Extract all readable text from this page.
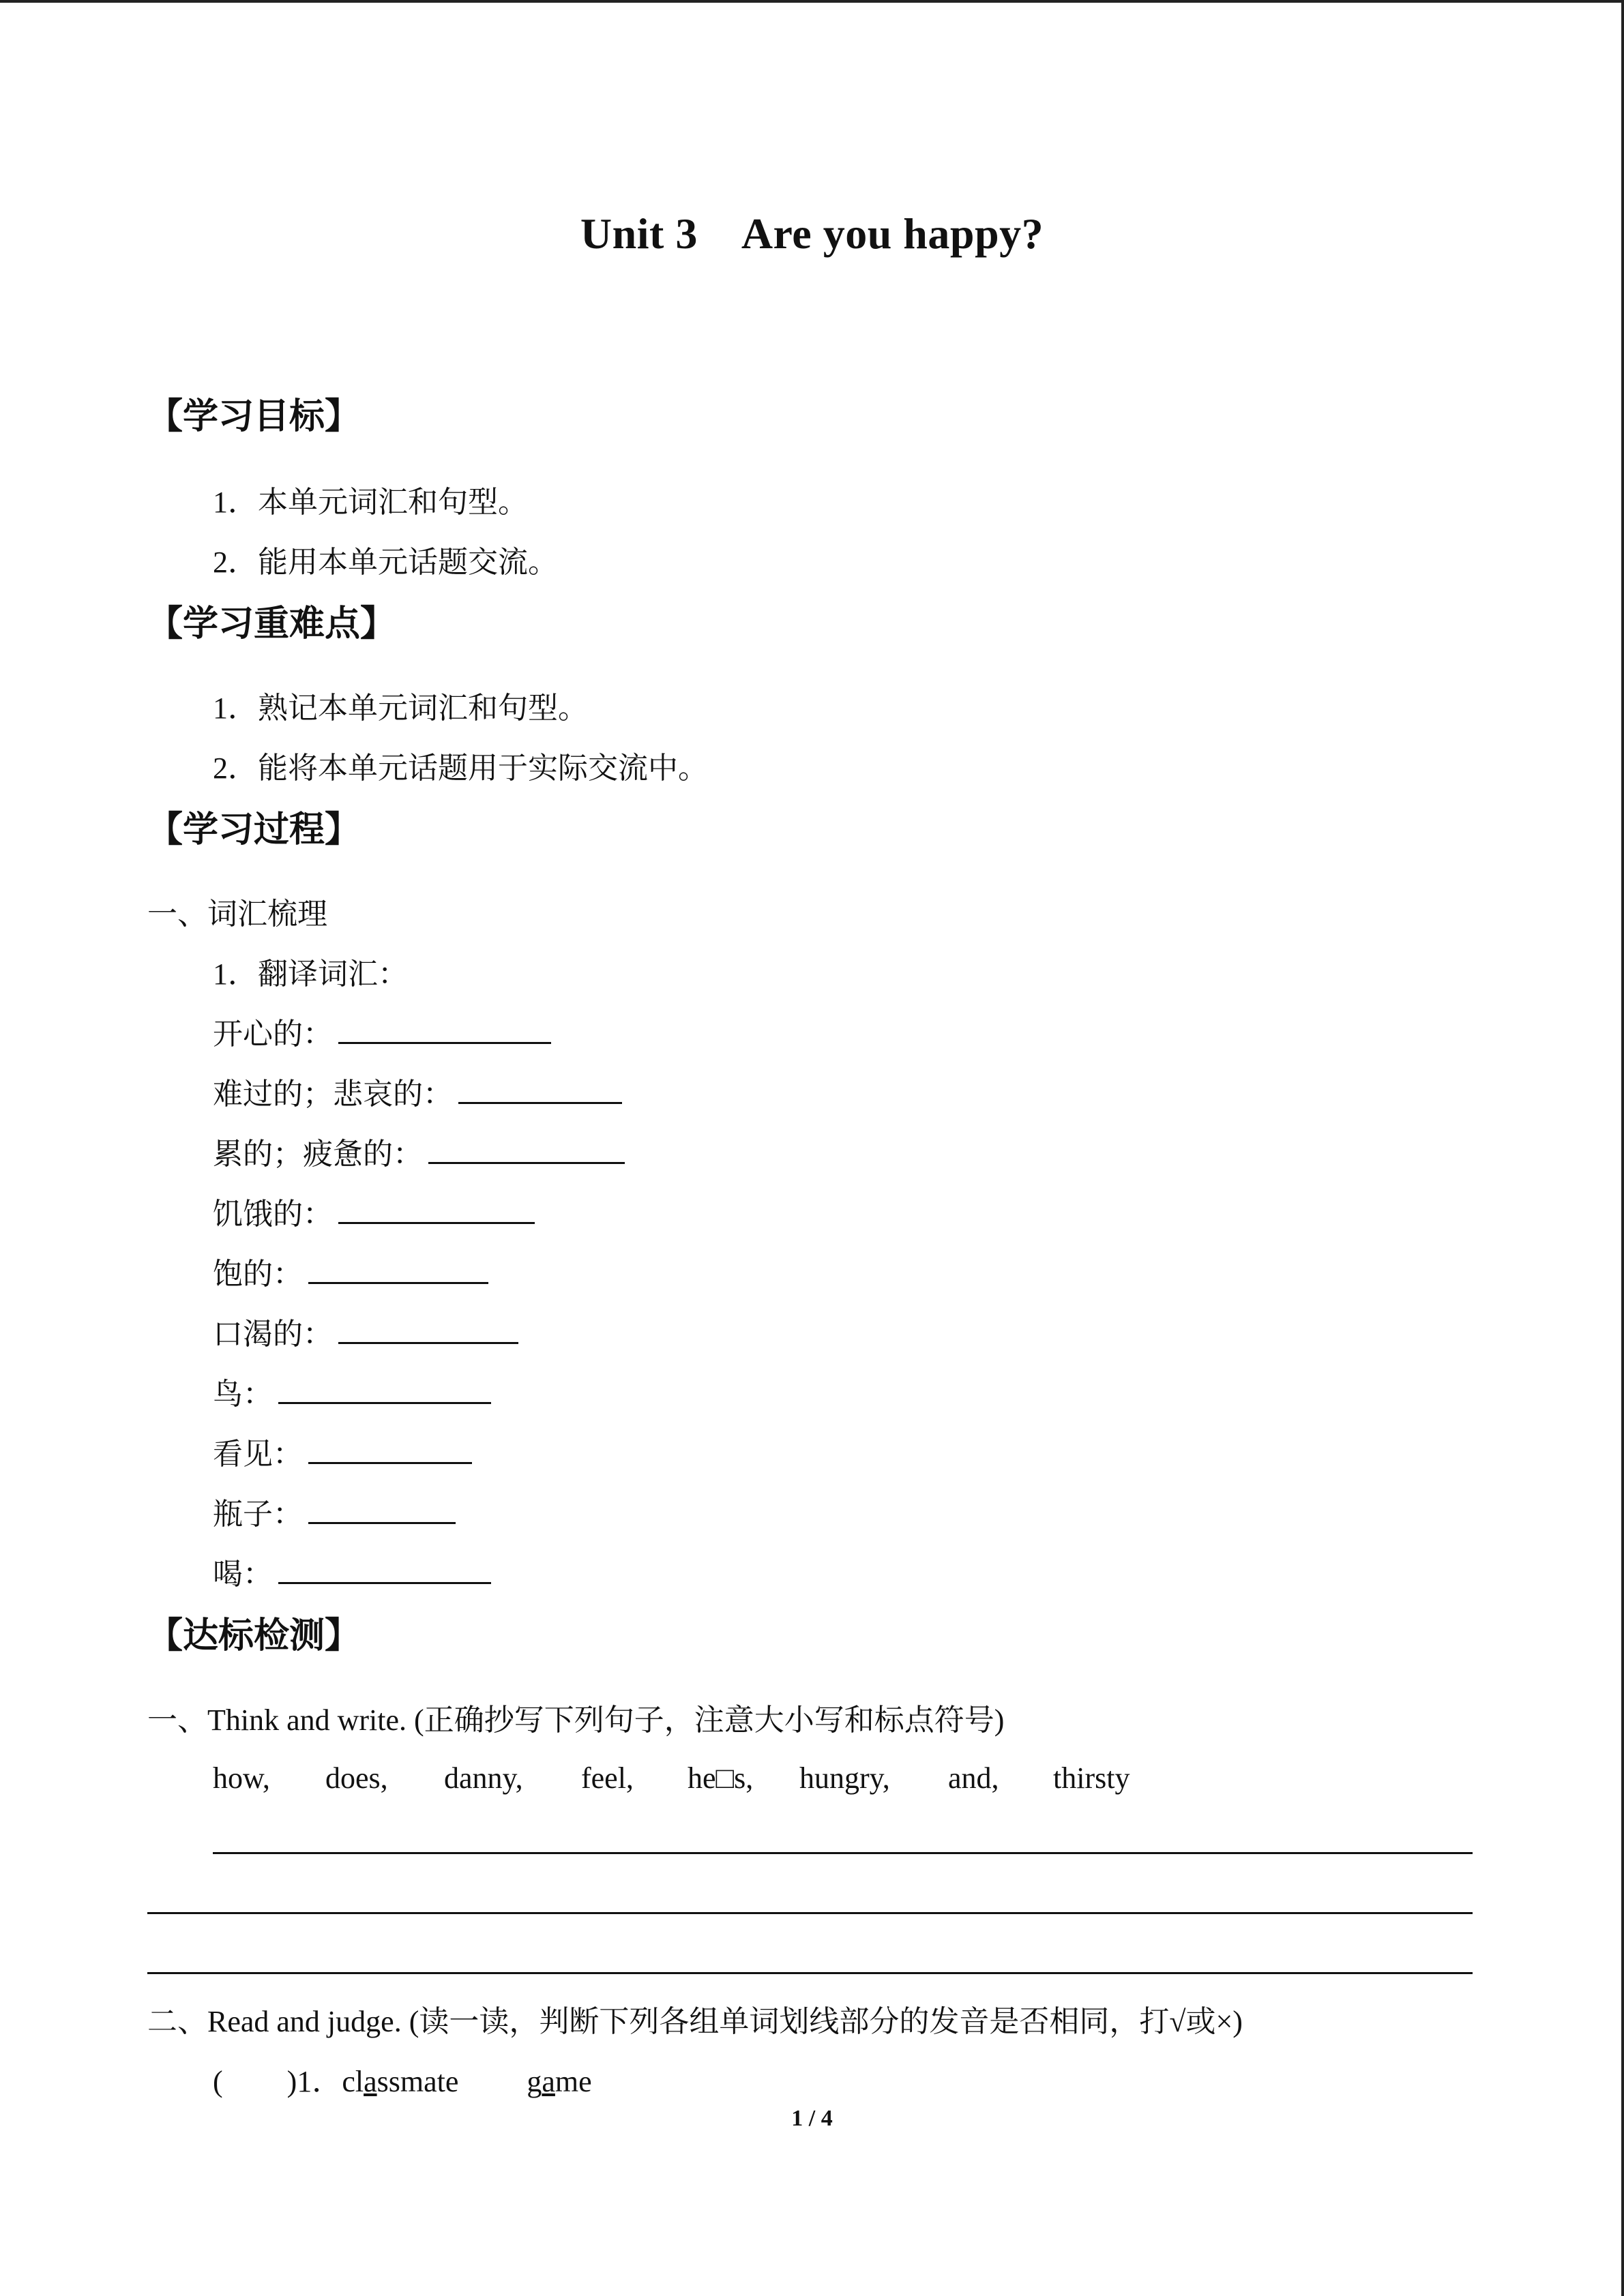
Unit 3 Are you happy?
【学习目标】
1．本单元词汇和句型。
2．能用本单元话题交流。
【学习重难点】
1．熟记本单元词汇和句型。
2．能将本单元话题用于实际交流中。
【学习过程】
一、词汇梳理
1．翻译词汇：
开心的：
难过的；悲哀的：
累的；疲惫的：
饥饿的：
饱的：
口渴的：
鸟：
看见：
瓶子：
喝：
【达标检测】
一、Think and write. (正确抄写下列句子，注意大小写和标点符号)
how, does, danny, feel, he□s, hungry, and, thirsty
二、Read and judge. (读一读，判断下列各组单词划线部分的发音是否相同，打√或×)
( )1．classmate game
1 / 4
